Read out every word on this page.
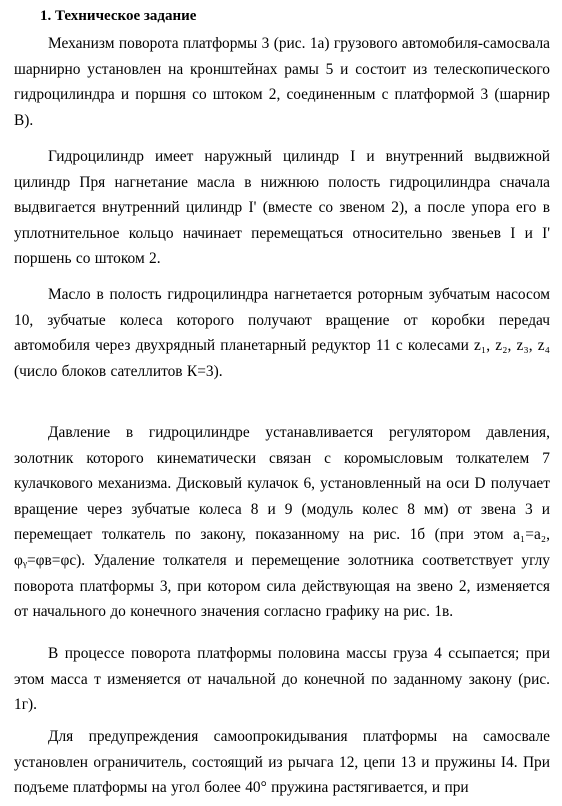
1. Техническое задание

Механизм поворота платформы 3 (рис. 1а) грузового автомобиля-самосвала шарнирно установлен на кронштейнах рамы 5 и состоит из телескопического гидроцилиндра и поршня со штоком 2, соединенным с платформой 3 (шарнир В).

Гидроцилиндр имеет наружный цилиндр I и внутренний выдвижной цилиндр Пря нагнетание масла в нижнюю полость гидроцилиндра сначала выдвигается внутренний цилиндр I' (вместе со звеном 2), а после упора его в уплотнительное кольцо начинает перемещаться относительно звеньев I и I' поршень со штоком 2.

Масло в полость гидроцилиндра нагнетается роторным зубчатым насосом 10, зубчатые колеса которого получают вращение от коробки передач автомобиля через двухрядный планетарный редуктор 11 с колесами z₁, z₂, z₃, z₄ (число блоков сателлитов К=3).

Давление в гидроцилиндре устанавливается регулятором давления, золотник которого кинематически связан с коромысловым толкателем 7 кулачкового механизма. Дисковый кулачок 6, установленный на оси D получает вращение через зубчатые колеса 8 и 9 (модуль колес 8 мм) от звена 3 и перемещает толкатель по закону, показанному на рис. 1б (при этом a₁=a₂, φᵧ=φв=φс). Удаление толкателя и перемещение золотника соответствует углу поворота платформы 3, при котором сила действующая на звено 2, изменяется от начального до конечного значения согласно графику на рис. 1в.

В процессе поворота платформы половина массы груза 4 ссыпается; при этом масса т изменяется от начальной до конечной по заданному закону (рис. 1г).

Для предупреждения самоопрокидывания платформы на самосвале установлен ограничитель, состоящий из рычага 12, цепи 13 и пружины I4. При подъеме платформы на угол более 40° пружина растягивается, и при
